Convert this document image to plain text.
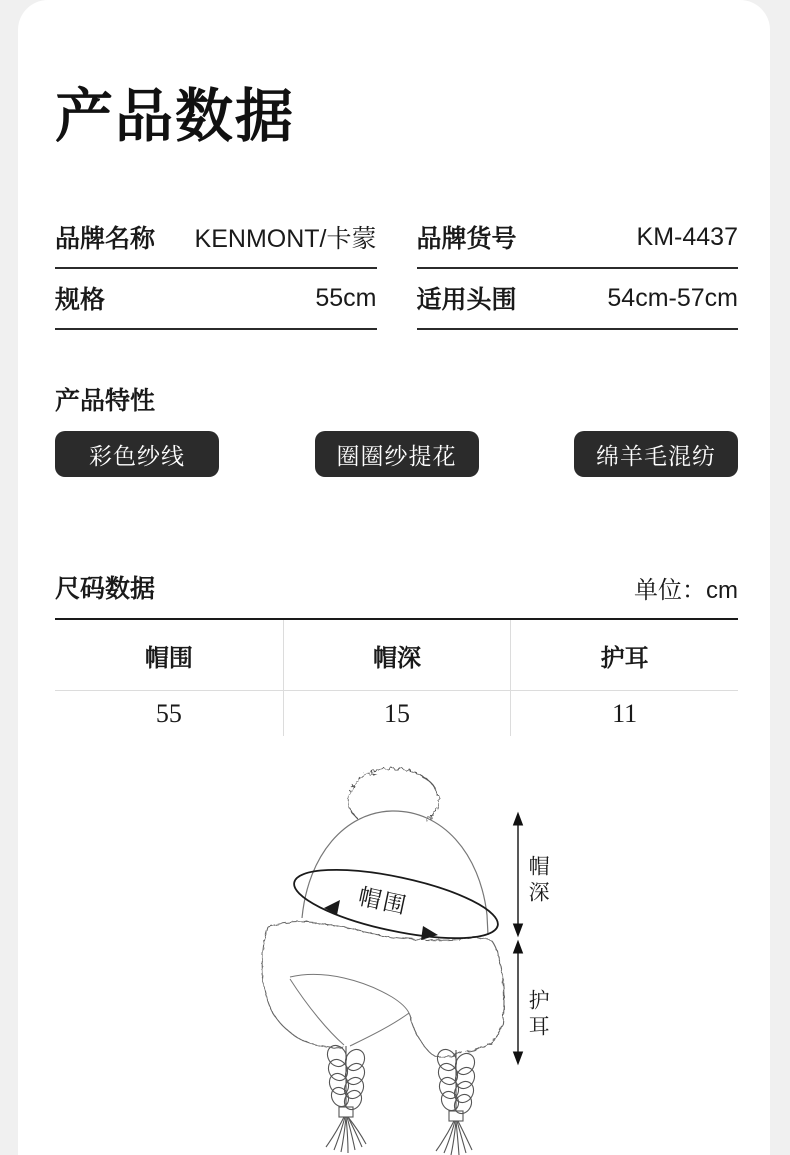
产品数据
品牌名称 KENMONT/卡蒙 品牌货号	KM-4437
规格	55cm 适用头围	54cm-57cm
产品特性
彩色纱线	圈圈纱提花	绵羊毛混纺
尺码数据	单位：cm
帽围	帽深	护耳
55	15	11
帽围	帽深
护耳
